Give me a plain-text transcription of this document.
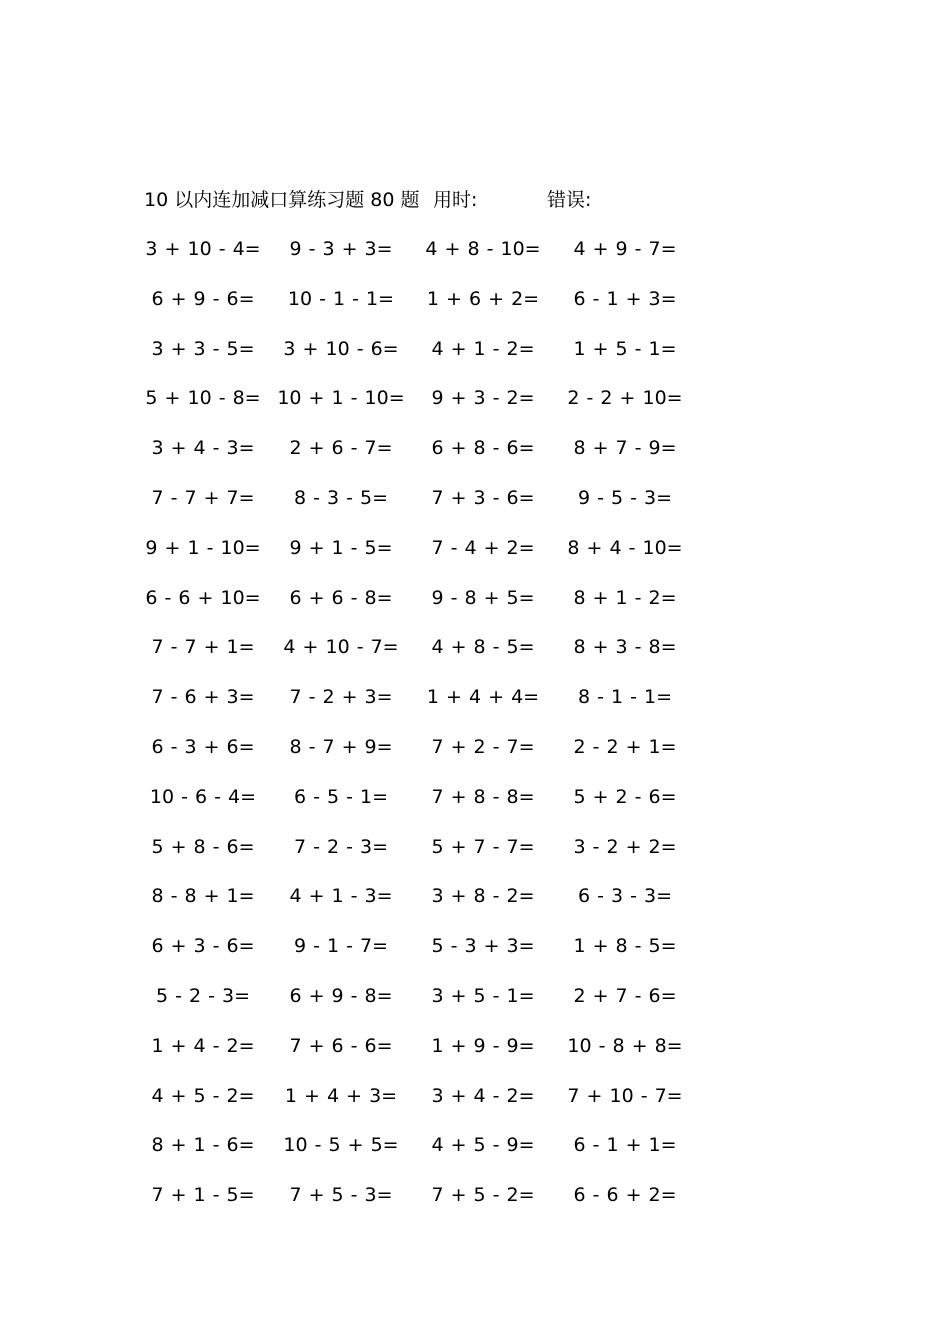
10 以内连加减口算练习题 80 题 用时:	错误:
3 + 10 - 4=	9 - 3 + 3=	4 + 8 - 10=	4 + 9 - 7=
6 + 9 - 6=	10 - 1 - 1=	1 + 6 + 2=	6 - 1 + 3=
3 + 3 - 5=	3 + 10 - 6=	4 + 1 - 2=	1 + 5 - 1=
5 + 10 - 8= 10 + 1 - 10=	9 + 3 - 2=	2 - 2 + 10=
3 + 4 - 3=	2 + 6 - 7=	6 + 8 - 6=	8 + 7 - 9=
7 - 7 + 7=	8 - 3 - 5=	7 + 3 - 6=	9 - 5 - 3=
9 + 1 - 10=	9 + 1 - 5=	7 - 4 + 2=	8 + 4 - 10=
6 - 6 + 10=	6 + 6 - 8=	9 - 8 + 5=	8 + 1 - 2=
7 - 7 + 1=	4 + 10 - 7=	4 + 8 - 5=	8 + 3 - 8=
7 - 6 + 3=	7 - 2 + 3=	1 + 4 + 4=	8 - 1 - 1=
6 - 3 + 6=	8 - 7 + 9=	7 + 2 - 7=	2 - 2 + 1=
10 - 6 - 4=	6 - 5 - 1=	7 + 8 - 8=	5 + 2 - 6=
5 + 8 - 6=	7 - 2 - 3=	5 + 7 - 7=	3 - 2 + 2=
8 - 8 + 1=	4 + 1 - 3=	3 + 8 - 2=	6 - 3 - 3=
6 + 3 - 6=	9 - 1 - 7=	5 - 3 + 3=	1 + 8 - 5=
5 - 2 - 3=	6 + 9 - 8=	3 + 5 - 1=	2 + 7 - 6=
1 + 4 - 2=	7 + 6 - 6=	1 + 9 - 9=	10 - 8 + 8=
4 + 5 - 2=	1 + 4 + 3=	3 + 4 - 2=	7 + 10 - 7=
8 + 1 - 6=	10 - 5 + 5=	4 + 5 - 9=	6 - 1 + 1=
7 + 1 - 5=	7 + 5 - 3=	7 + 5 - 2=	6 - 6 + 2=
